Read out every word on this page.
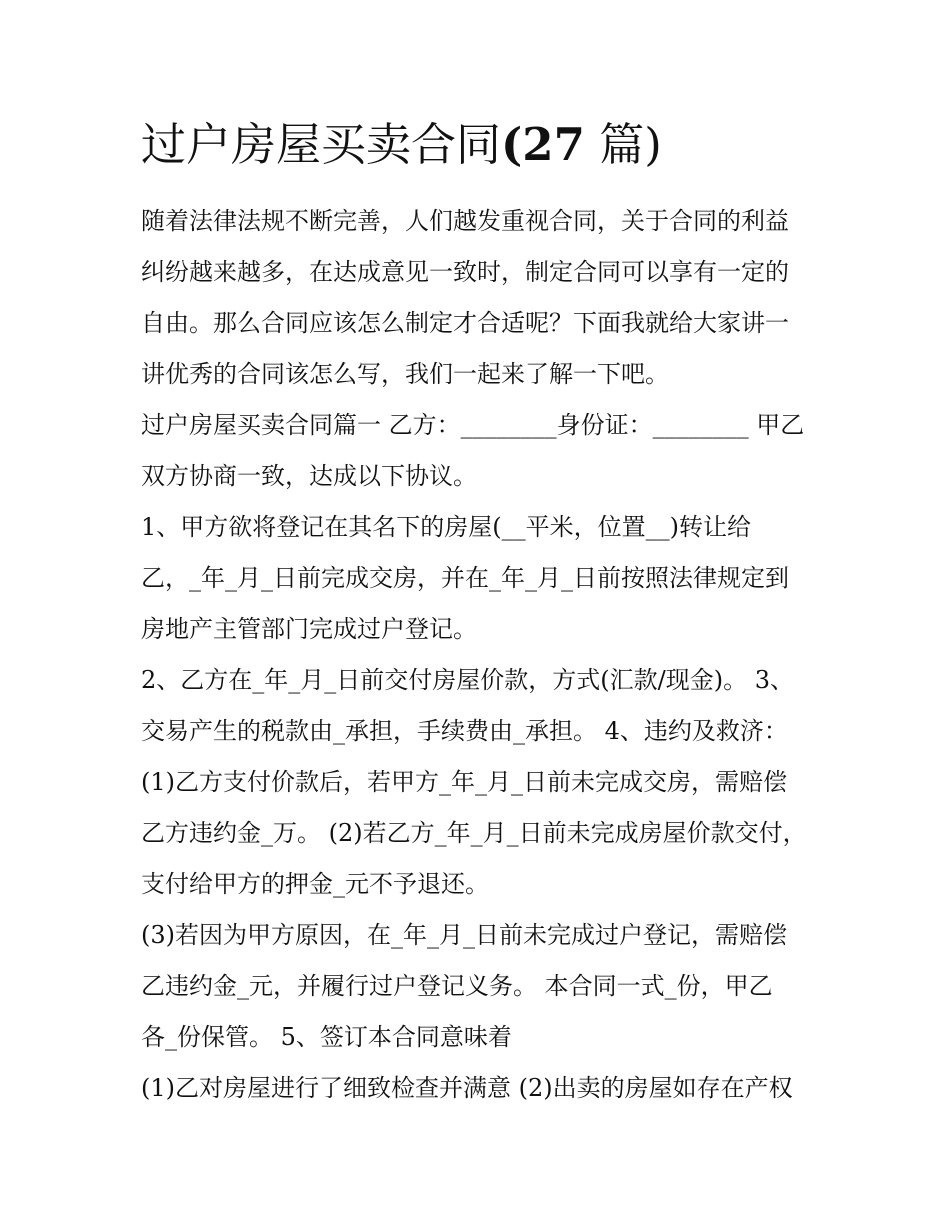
过户房屋买卖合同(27 篇)
随着法律法规不断完善，人们越发重视合同，关于合同的利益
纠纷越来越多，在达成意见一致时，制定合同可以享有一定的
自由。那么合同应该怎么制定才合适呢？下面我就给大家讲一
讲优秀的合同该怎么写，我们一起来了解一下吧。
过户房屋买卖合同篇一 乙方：________身份证：________ 甲乙
双方协商一致，达成以下协议。
1、甲方欲将登记在其名下的房屋(__平米，位置__)转让给
乙，_年_月_日前完成交房，并在_年_月_日前按照法律规定到
房地产主管部门完成过户登记。
2、乙方在_年_月_日前交付房屋价款，方式(汇款/现金)。 3、
交易产生的税款由_承担，手续费由_承担。 4、违约及救济：
(1)乙方支付价款后，若甲方_年_月_日前未完成交房，需赔偿
乙方违约金_万。 (2)若乙方_年_月_日前未完成房屋价款交付，
支付给甲方的押金_元不予退还。
(3)若因为甲方原因，在_年_月_日前未完成过户登记，需赔偿
乙违约金_元，并履行过户登记义务。 本合同一式_份，甲乙
各_份保管。 5、签订本合同意味着
(1)乙对房屋进行了细致检查并满意 (2)出卖的房屋如存在产权
